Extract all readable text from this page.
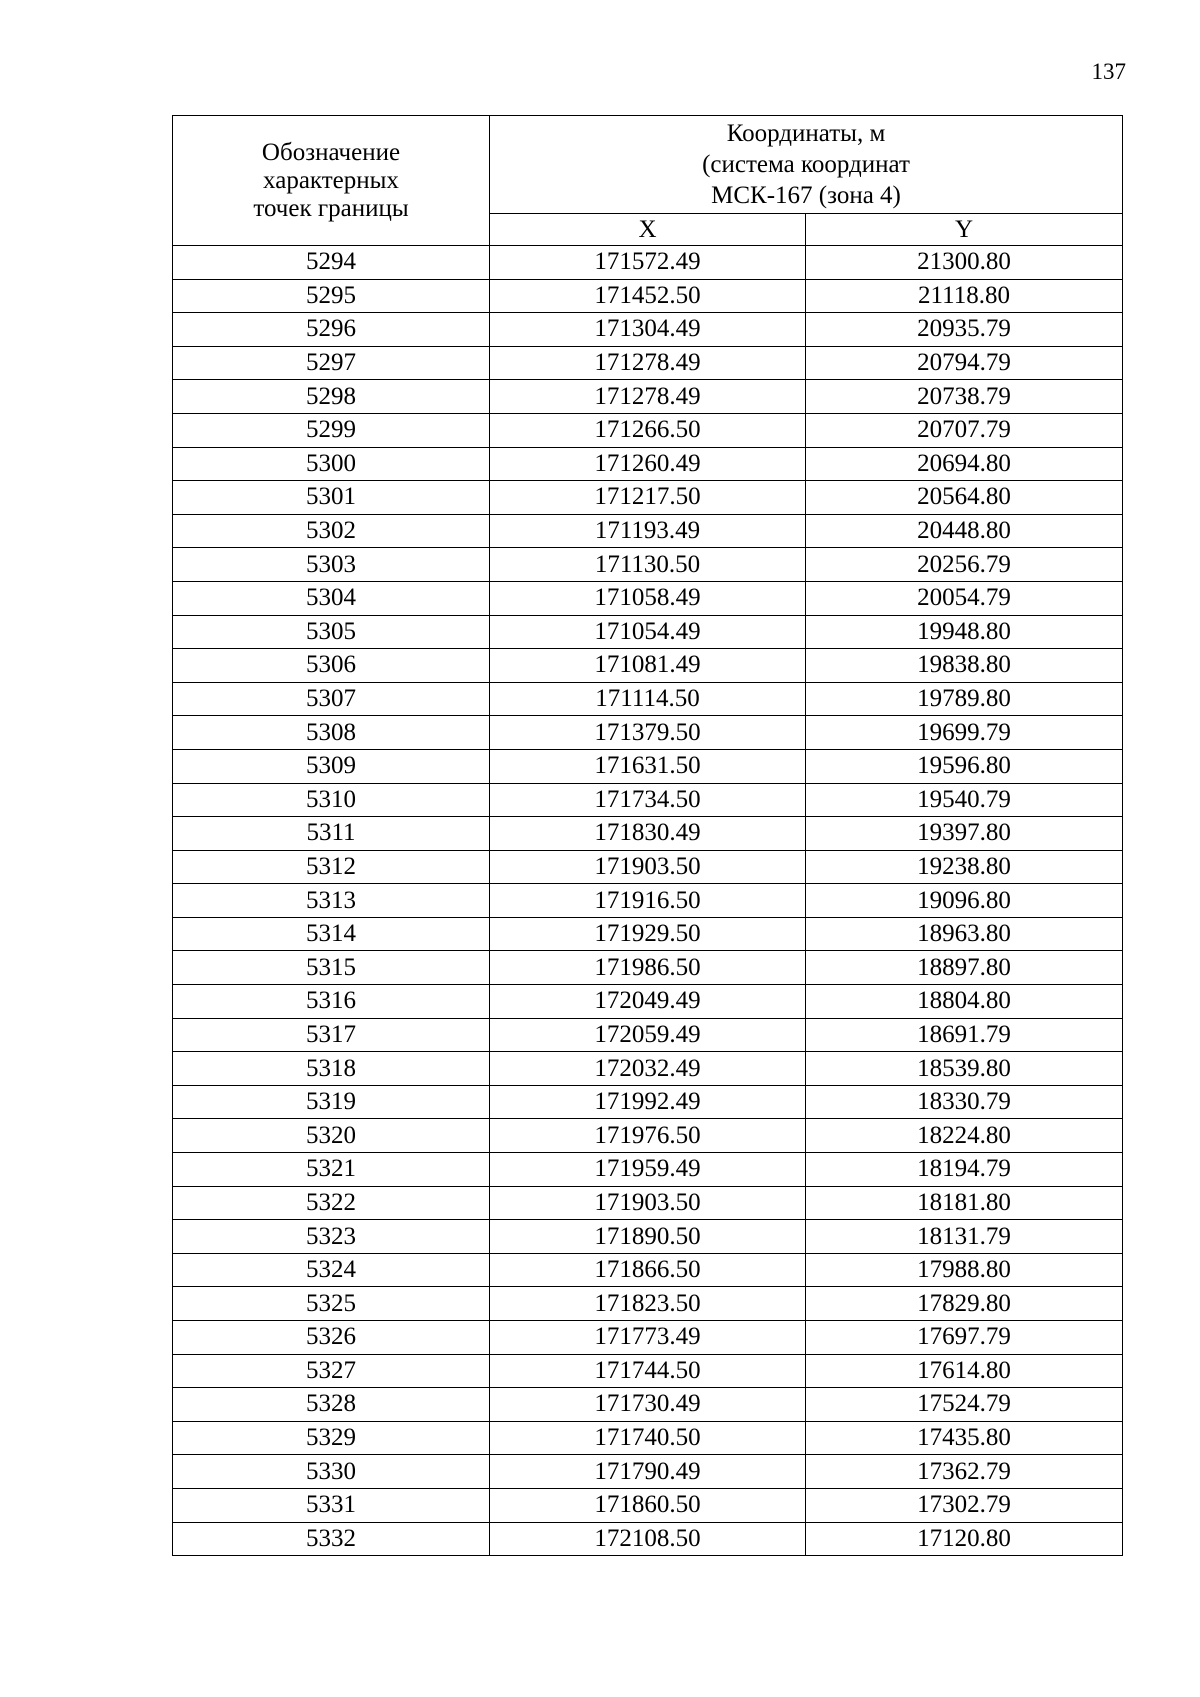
137
Обозначение
характерных
точек границы	Координаты, м
(система координат
МСК-167 (зона 4)	

	X	Y
5294	171572.49	21300.80
5295	171452.50	21118.80
5296	171304.49	20935.79
5297	171278.49	20794.79
5298	171278.49	20738.79
5299	171266.50	20707.79
5300	171260.49	20694.80
5301	171217.50	20564.80
5302	171193.49	20448.80
5303	171130.50	20256.79
5304	171058.49	20054.79
5305	171054.49	19948.80
5306	171081.49	19838.80
5307	171114.50	19789.80
5308	171379.50	19699.79
5309	171631.50	19596.80
5310	171734.50	19540.79
5311	171830.49	19397.80
5312	171903.50	19238.80
5313	171916.50	19096.80
5314	171929.50	18963.80
5315	171986.50	18897.80
5316	172049.49	18804.80
5317	172059.49	18691.79
5318	172032.49	18539.80
5319	171992.49	18330.79
5320	171976.50	18224.80
5321	171959.49	18194.79
5322	171903.50	18181.80
5323	171890.50	18131.79
5324	171866.50	17988.80
5325	171823.50	17829.80
5326	171773.49	17697.79
5327	171744.50	17614.80
5328	171730.49	17524.79
5329	171740.50	17435.80
5330	171790.49	17362.79
5331	171860.50	17302.79
5332	172108.50	17120.80
